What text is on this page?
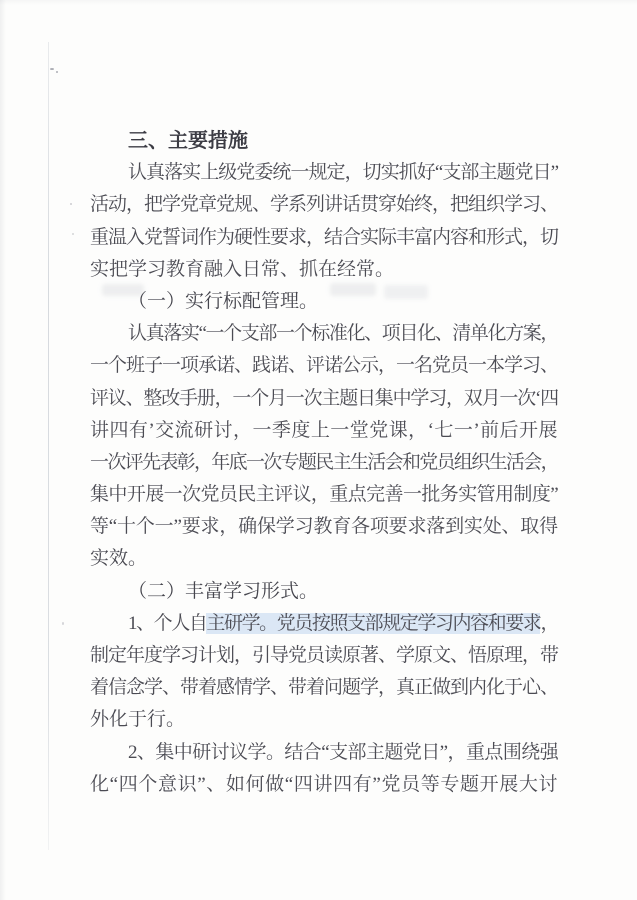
三、主要措施
认真落实上级党委统一规定，切实抓好“支部主题党日”
活动，把学党章党规、学系列讲话贯穿始终，把组织学习、
重温入党誓词作为硬性要求，结合实际丰富内容和形式，切
实把学习教育融入日常、抓在经常。
（一）实行标配管理。
认真落实“一个支部一个标准化、项目化、清单化方案，
一个班子一项承诺、践诺、评诺公示，一名党员一本学习、
评议、整改手册，一个月一次主题日集中学习，双月一次‘四
讲四有’交流研讨，一季度上一堂党课，‘七一’前后开展
一次评先表彰，年底一次专题民主生活会和党员组织生活会，
集中开展一次党员民主评议，重点完善一批务实管用制度”
等“十个一”要求，确保学习教育各项要求落到实处、取得
实效。
（二）丰富学习形式。
1、个人自主研学。党员按照支部规定学习内容和要求，
制定年度学习计划，引导党员读原著、学原文、悟原理，带
着信念学、带着感情学、带着问题学，真正做到内化于心、
外化于行。
2、集中研讨议学。结合“支部主题党日”，重点围绕强
化“四个意识”、如何做“四讲四有”党员等专题开展大讨
